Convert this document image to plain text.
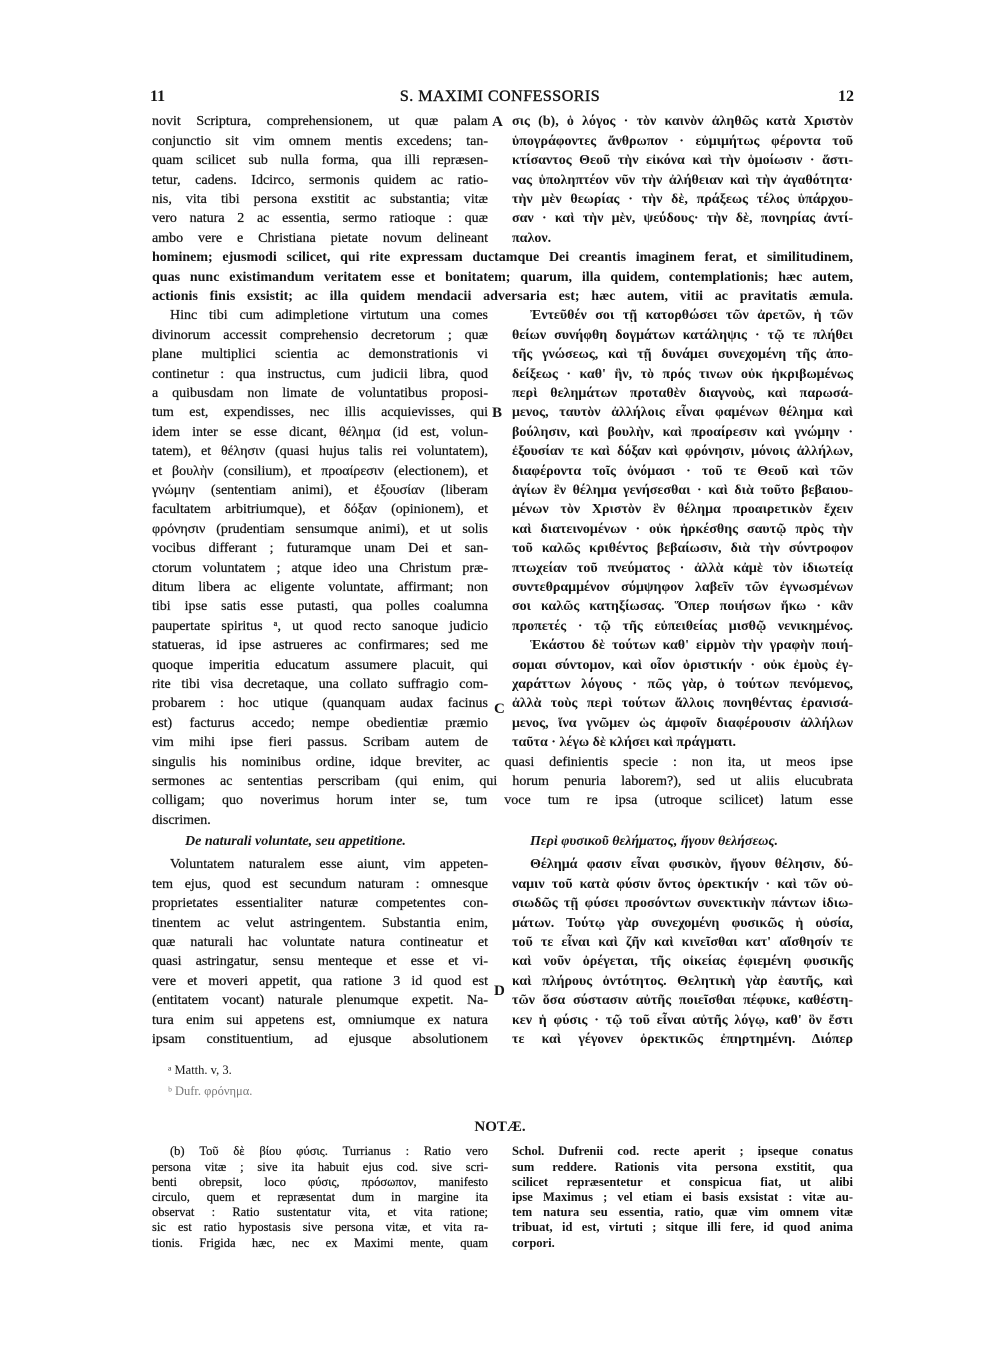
11	S. MAXIMI CONFESSORIS	12
novit Scriptura, comprehensionem, ut quæ palam
conjunctio sit vim omnem mentis excedens; tan-
quam scilicet sub nulla forma, qua illi repræsen-
tetur, cadens. Idcirco, sermonis quidem ac ratio-
nis, vita tibi persona exstitit ac substantia; vitæ
vero natura 2 ac essentia, sermo ratioque : quæ
ambo vere e Christiana pietate novum delineant
σις (b), ὁ λόγος · τὸν καινὸν ἀληθῶς κατὰ Χριστὸν
ὑπογράφοντες ἄνθρωπον · εὐμιμήτως φέροντα τοῦ
κτίσαντος Θεοῦ τὴν εἰκόνα καὶ τὴν ὁμοίωσιν · ἅστι-
νας ὑποληπτέον νῦν τὴν ἀλήθειαν καὶ τὴν ἀγαθότητα·
τὴν μὲν θεωρίας · τὴν δὲ, πράξεως τέλος ὑπάρχου-
σαν · καὶ τὴν μὲν, ψεύδους· τὴν δὲ, πονηρίας ἀντί-
παλον.
hominem; ejusmodi scilicet, qui rite expressam ductamque Dei creantis imaginem ferat, et similitudinem,
quas nunc existimandum veritatem esse et bonitatem; quarum, illa quidem, contemplationis; hæc autem,
actionis finis exsistit; ac illa quidem mendacii adversaria est; hæc autem, vitii ac pravitatis æmula.
Hinc tibi cum adimpletione virtutum una comes
divinorum accessit comprehensio decretorum ; quæ
plane multiplici scientia ac demonstrationis vi
continetur : qua instructus, cum judicii libra, quod
a quibusdam non limate de voluntatibus proposi-
tum est, expendisses, nec illis acquievisses, qui
idem inter se esse dicant, θέλημα (id est, volun-
tatem), et θέλησιν (quasi hujus talis rei voluntatem),
et βουλὴν (consilium), et προαίρεσιν (electionem), et
γνώμην (sententiam animi), et ἐξουσίαν (liberam
facultatem arbitriumque), et δόξαν (opinionem), et
φρόνησιν (prudentiam sensumque animi), et ut solis
vocibus differant ; futuramque unam Dei et san-
ctorum voluntatem ; atque ideo una Christum præ-
ditum libera ac eligente voluntate, affirmant; non
tibi ipse satis esse putasti, qua polles coalumna
paupertate spiritus ᵃ, ut quod recto sanoque judicio
statueras, id ipse astrueres ac confirmares; sed me
quoque imperitia educatum assumere placuit, qui
rite tibi visa decretaque, una collato suffragio com-
probarem : hoc utique (quanquam audax facinus
est) facturus accedo; nempe obedientiæ præmio
vim mihi ipse fieri passus. Scribam autem de
Ἐντεῦθέν σοι τῇ κατορθώσει τῶν ἀρετῶν, ἡ τῶν
θείων συνήφθη δογμάτων κατάληψις · τῷ τε πλήθει
τῆς γνώσεως, καὶ τῇ δυνάμει συνεχομένη τῆς ἀπο-
δείξεως · καθ' ἣν, τὸ πρός τινων οὐκ ἠκριβωμένως
περὶ θελημάτων προταθὲν διαγνοὺς, καὶ παρωσά-
μενος, ταυτὸν ἀλλήλοις εἶναι φαμένων θέλημα καὶ
βούλησιν, καὶ βουλὴν, καὶ προαίρεσιν καὶ γνώμην ·
ἐξουσίαν τε καὶ δόξαν καὶ φρόνησιν, μόνοις ἀλλήλων,
διαφέροντα τοῖς ὀνόμασι · τοῦ τε Θεοῦ καὶ τῶν
ἁγίων ἓν θέλημα γενήσεσθαι · καὶ διὰ τοῦτο βεβαιου-
μένων τὸν Χριστὸν ἓν θέλημα προαιρετικὸν ἔχειν
καὶ διατεινομένων · οὐκ ἠρκέσθης σαυτῷ πρὸς τὴν
τοῦ καλῶς κριθέντος βεβαίωσιν, διὰ τὴν σύντροφον
πτωχείαν τοῦ πνεύματος · ἀλλὰ κἀμὲ τὸν ἰδιωτείᾳ
συντεθραμμένον σύμψηφον λαβεῖν τῶν ἐγνωσμένων
σοι καλῶς κατηξίωσας. Ὅπερ ποιήσων ἥκω · κἂν
προπετές · τῷ τῆς εὐπειθείας μισθῷ νενικημένος.
Ἑκάστου δὲ τούτων καθ' εἱρμὸν τὴν γραφὴν ποιή-
σομαι σύντομον, καὶ οἷον ὁριστικήν · οὐκ ἐμοὺς ἐγ-
χαράττων λόγους · πῶς γὰρ, ὁ τούτων πενόμενος,
ἀλλὰ τοὺς περὶ τούτων ἄλλοις πονηθέντας ἐρανισά-
μενος, ἵνα γνῶμεν ὡς ἀμφοῖν διαφέρουσιν ἀλλήλων
ταῦτα · λέγω δὲ κλήσει καὶ πράγματι.
singulis his nominibus ordine, idque breviter, ac quasi definientis specie : non ita, ut meos ipse
sermones ac sententias perscribam (qui enim, qui horum penuria laborem?), sed ut aliis elucubrata
colligam; quo noverimus horum inter se, tum voce tum re ipsa (utroque scilicet) latum esse
discrimen.
Voluntatem naturalem esse aiunt, vim appeten-
tem ejus, quod est secundum naturam : omnesque
proprietates essentialiter naturæ competentes con-
tinentem ac velut astringentem. Substantia enim,
quæ naturali hac voluntate natura contineatur et
quasi astringatur, sensu menteque et esse et vi-
vere et moveri appetit, qua ratione 3 id quod est
(entitatem vocant) naturale plenumque expetit. Na-
tura enim sui appetens est, omniumque ex natura
ipsam constituentium, ad ejusque absolutionem
Θέλημά φασιν εἶναι φυσικὸν, ἤγουν θέλησιν, δύ-
ναμιν τοῦ κατὰ φύσιν ὄντος ὀρεκτικήν · καὶ τῶν οὐ-
σιωδῶς τῇ φύσει προσόντων συνεκτικὴν πάντων ἰδιω-
μάτων. Τούτῳ γὰρ συνεχομένη φυσικῶς ἡ οὐσία,
τοῦ τε εἶναι καὶ ζῆν καὶ κινεῖσθαι κατ' αἴσθησίν τε
καὶ νοῦν ὀρέγεται, τῆς οἰκείας ἐφιεμένη φυσικῆς
καὶ πλήρους ὀντότητος. Θελητικὴ γὰρ ἑαυτῆς, καὶ
τῶν ὅσα σύστασιν αὐτῆς ποιεῖσθαι πέφυκε, καθέστη-
κεν ἡ φύσις · τῷ τοῦ εἶναι αὐτῆς λόγῳ, καθ' ὃν ἔστι
τε καὶ γέγονεν ὀρεκτικῶς ἐπηρτημένη. Διόπερ
(b) Τοῦ δὲ βίου φύσις. Turrianus : Ratio vero
persona vitæ ; sive ita habuit ejus cod. sive scri-
benti obrepsit, loco φύσις, πρόσωπον, manifesto
circulo, quem et repræsentat dum in margine ita
observat : Ratio sustentatur vita, et vita ratione;
sic est ratio hypostasis sive persona vitæ, et vita ra-
tionis. Frigida hæc, nec ex Maximi mente, quam
Schol. Dufrenii cod. recte aperit ; ipseque conatus
sum reddere. Rationis vita persona exstitit, qua
scilicet repræsentetur et conspicua fiat, ut alibi
ipse Maximus ; vel etiam ei basis exsistat : vitæ au-
tem natura seu essentia, ratio, quæ vim omnem vitæ
tribuat, id est, virtuti ; sitque illi fere, id quod anima
corpori.
A
B
C
D
De naturali voluntate, seu appetitione.	Περὶ φυσικοῦ θελήματος, ἤγουν θελήσεως.
ᵃ Matth. v, 3.
ᵇ Dufr. φρόνημα.
NOTÆ.
